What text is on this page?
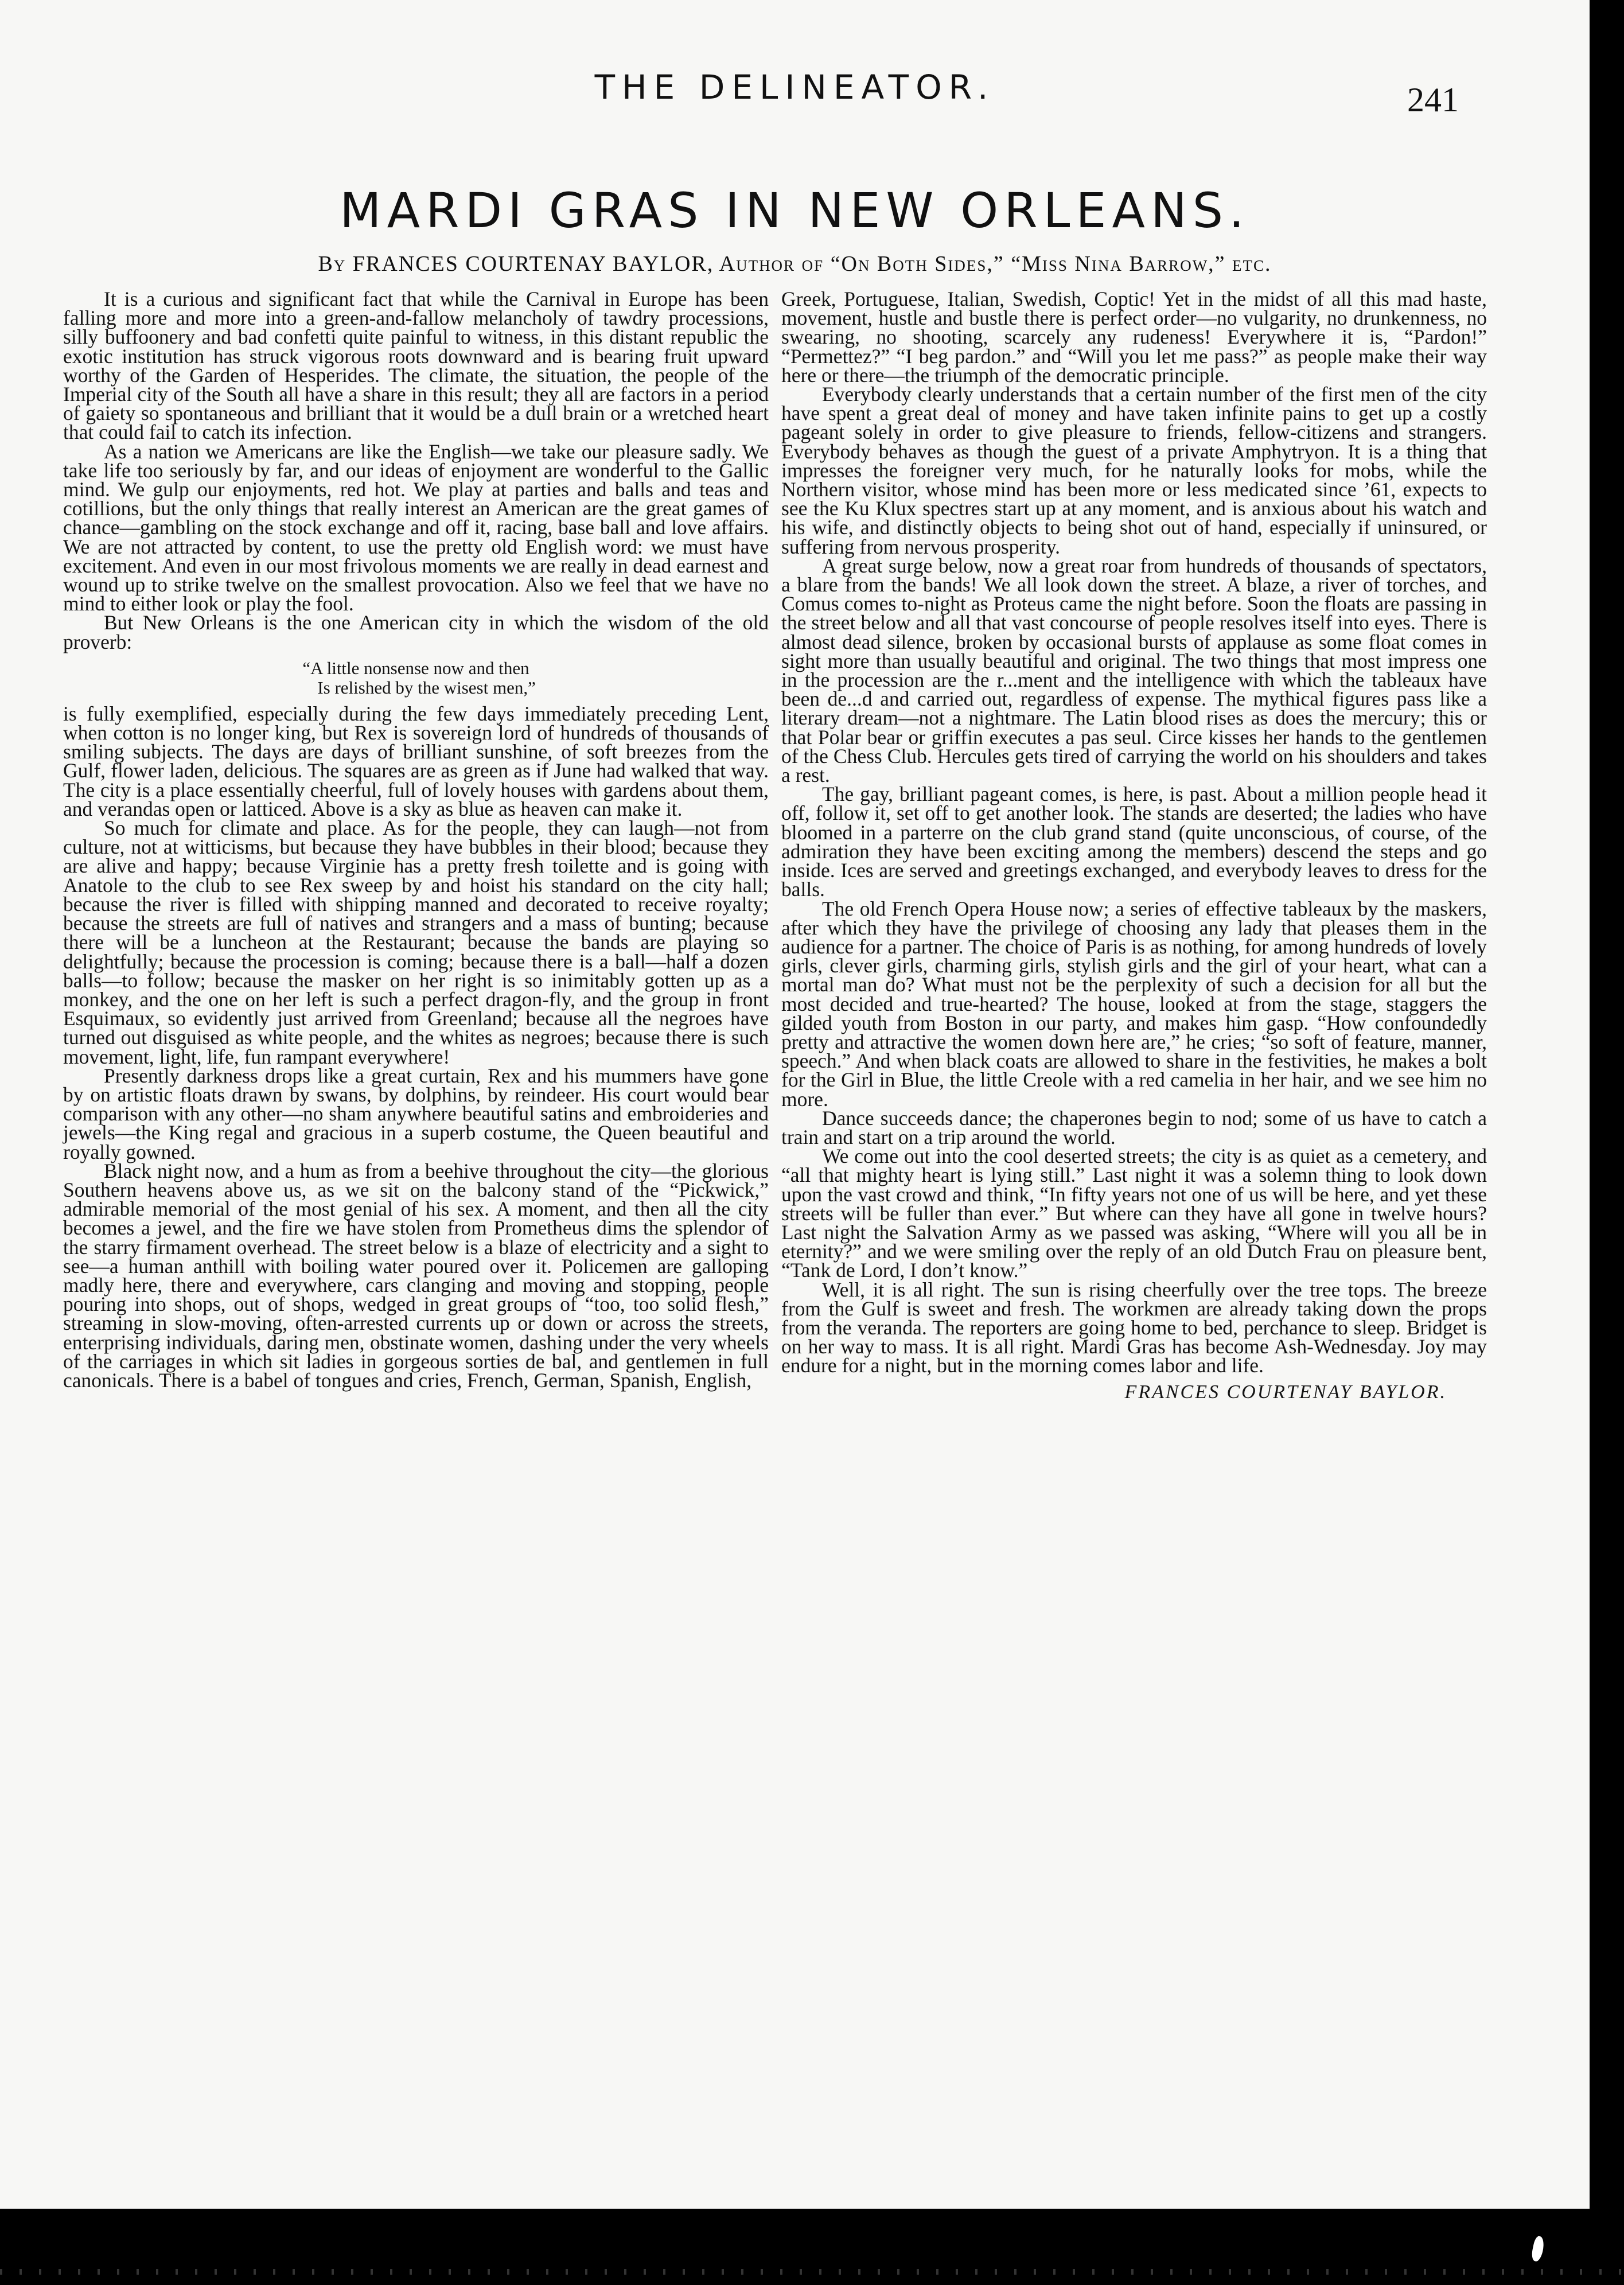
THE DELINEATOR.	241
MARDI GRAS IN NEW ORLEANS.
By FRANCES COURTENAY BAYLOR, Author of “On Both Sides,” “Miss Nina Barrow,” etc.

It is a curious and significant fact that while the Carnival in Europe has been falling more and more into a green-and-fallow melancholy of tawdry processions, silly buffoonery and bad confetti quite painful to witness, in this distant republic the exotic institution has struck vigorous roots downward and is bearing fruit upward worthy of the Garden of Hesperides. The climate, the situation, the people of the Imperial city of the South all have a share in this result; they all are factors in a period of gaiety so spontaneous and brilliant that it would be a dull brain or a wretched heart that could fail to catch its infection.

As a nation we Americans are like the English—we take our pleasure sadly. We take life too seriously by far, and our ideas of enjoyment are wonderful to the Gallic mind. We gulp our enjoyments, red hot. We play at parties and balls and teas and cotillions, but the only things that really interest an American are the great games of chance—gambling on the stock exchange and off it, racing, base ball and love affairs. We are not attracted by content, to use the pretty old English word: we must have excitement. And even in our most frivolous moments we are really in dead earnest and wound up to strike twelve on the smallest provocation. Also we feel that we have no mind to either look or play the fool.

But New Orleans is the one American city in which the wisdom of the old proverb:

“A little nonsense now and then
Is relished by the wisest men,”

is fully exemplified, especially during the few days immediately preceding Lent, when cotton is no longer king, but Rex is sovereign lord of hundreds of thousands of smiling subjects. The days are days of brilliant sunshine, of soft breezes from the Gulf, flower laden, delicious. The squares are as green as if June had walked that way. The city is a place essentially cheerful, full of lovely houses with gardens about them, and verandas open or latticed. Above is a sky as blue as heaven can make it.

So much for climate and place. As for the people, they can laugh—not from culture, not at witticisms, but because they have bubbles in their blood; because they are alive and happy; because Virginie has a pretty fresh toilette and is going with Anatole to the club to see Rex sweep by and hoist his standard on the city hall; because the river is filled with shipping manned and decorated to receive royalty; because the streets are full of natives and strangers and a mass of bunting; because there will be a luncheon at the Restaurant; because the bands are playing so delightfully; because the procession is coming; because there is a ball—half a dozen balls—to follow; because the masker on her right is so inimitably gotten up as a monkey, and the one on her left is such a perfect dragon-fly, and the group in front Esquimaux, so evidently just arrived from Greenland; because all the negroes have turned out disguised as white people, and the whites as negroes; because there is such movement, light, life, fun rampant everywhere!

Presently darkness drops like a great curtain, Rex and his mummers have gone by on artistic floats drawn by swans, by dolphins, by reindeer. His court would bear comparison with any other—no sham anywhere beautiful satins and embroideries and jewels—the King regal and gracious in a superb costume, the Queen beautiful and royally gowned.

Black night now, and a hum as from a beehive throughout the city—the glorious Southern heavens above us, as we sit on the balcony stand of the “Pickwick,” admirable memorial of the most genial of his sex. A moment, and then all the city becomes a jewel, and the fire we have stolen from Prometheus dims the splendor of the starry firmament overhead. The street below is a blaze of electricity and a sight to see—a human anthill with boiling water poured over it. Policemen are galloping madly here, there and everywhere, cars clanging and moving and stopping, people pouring into shops, out of shops, wedged in great groups of “too, too solid flesh,” streaming in slow-moving, often-arrested currents up or down or across the streets, enterprising individuals, daring men, obstinate women, dashing under the very wheels of the carriages in which sit ladies in gorgeous sorties de bal, and gentlemen in full canonicals. There is a babel of tongues and cries, French, German, Spanish, English,

Greek, Portuguese, Italian, Swedish, Coptic! Yet in the midst of all this mad haste, movement, hustle and bustle there is perfect order—no vulgarity, no drunkenness, no swearing, no shooting, scarcely any rudeness! Everywhere it is, “Pardon!” “Permettez?” “I beg pardon.” and “Will you let me pass?” as people make their way here or there—the triumph of the democratic principle.

Everybody clearly understands that a certain number of the first men of the city have spent a great deal of money and have taken infinite pains to get up a costly pageant solely in order to give pleasure to friends, fellow-citizens and strangers. Everybody behaves as though the guest of a private Amphytryon. It is a thing that impresses the foreigner very much, for he naturally looks for mobs, while the Northern visitor, whose mind has been more or less medicated since ’61, expects to see the Ku Klux spectres start up at any moment, and is anxious about his watch and his wife, and distinctly objects to being shot out of hand, especially if uninsured, or suffering from nervous prosperity.

A great surge below, now a great roar from hundreds of thousands of spectators, a blare from the bands! We all look down the street. A blaze, a river of torches, and Comus comes to-night as Proteus came the night before. Soon the floats are passing in the street below and all that vast concourse of people resolves itself into eyes. There is almost dead silence, broken by occasional bursts of applause as some float comes in sight more than usually beautiful and original. The two things that most impress one in the procession are the r...ment and the intelligence with which the tableaux have been de...d and carried out, regardless of expense. The mythical figures pass like a literary dream—not a nightmare. The Latin blood rises as does the mercury; this or that Polar bear or griffin executes a pas seul. Circe kisses her hands to the gentlemen of the Chess Club. Hercules gets tired of carrying the world on his shoulders and takes a rest.

The gay, brilliant pageant comes, is here, is past. About a million people head it off, follow it, set off to get another look. The stands are deserted; the ladies who have bloomed in a parterre on the club grand stand (quite unconscious, of course, of the admiration they have been exciting among the members) descend the steps and go inside. Ices are served and greetings exchanged, and everybody leaves to dress for the balls.

The old French Opera House now; a series of effective tableaux by the maskers, after which they have the privilege of choosing any lady that pleases them in the audience for a partner. The choice of Paris is as nothing, for among hundreds of lovely girls, clever girls, charming girls, stylish girls and the girl of your heart, what can a mortal man do? What must not be the perplexity of such a decision for all but the most decided and true-hearted? The house, looked at from the stage, staggers the gilded youth from Boston in our party, and makes him gasp. “How confoundedly pretty and attractive the women down here are,” he cries; “so soft of feature, manner, speech.” And when black coats are allowed to share in the festivities, he makes a bolt for the Girl in Blue, the little Creole with a red camelia in her hair, and we see him no more.

Dance succeeds dance; the chaperones begin to nod; some of us have to catch a train and start on a trip around the world.

We come out into the cool deserted streets; the city is as quiet as a cemetery, and “all that mighty heart is lying still.” Last night it was a solemn thing to look down upon the vast crowd and think, “In fifty years not one of us will be here, and yet these streets will be fuller than ever.” But where can they have all gone in twelve hours? Last night the Salvation Army as we passed was asking, “Where will you all be in eternity?” and we were smiling over the reply of an old Dutch Frau on pleasure bent, “Tank de Lord, I don’t know.”

Well, it is all right. The sun is rising cheerfully over the tree tops. The breeze from the Gulf is sweet and fresh. The workmen are already taking down the props from the veranda. The reporters are going home to bed, perchance to sleep. Bridget is on her way to mass. It is all right. Mardi Gras has become Ash-Wednesday. Joy may endure for a night, but in the morning comes labor and life.

FRANCES COURTENAY BAYLOR.
